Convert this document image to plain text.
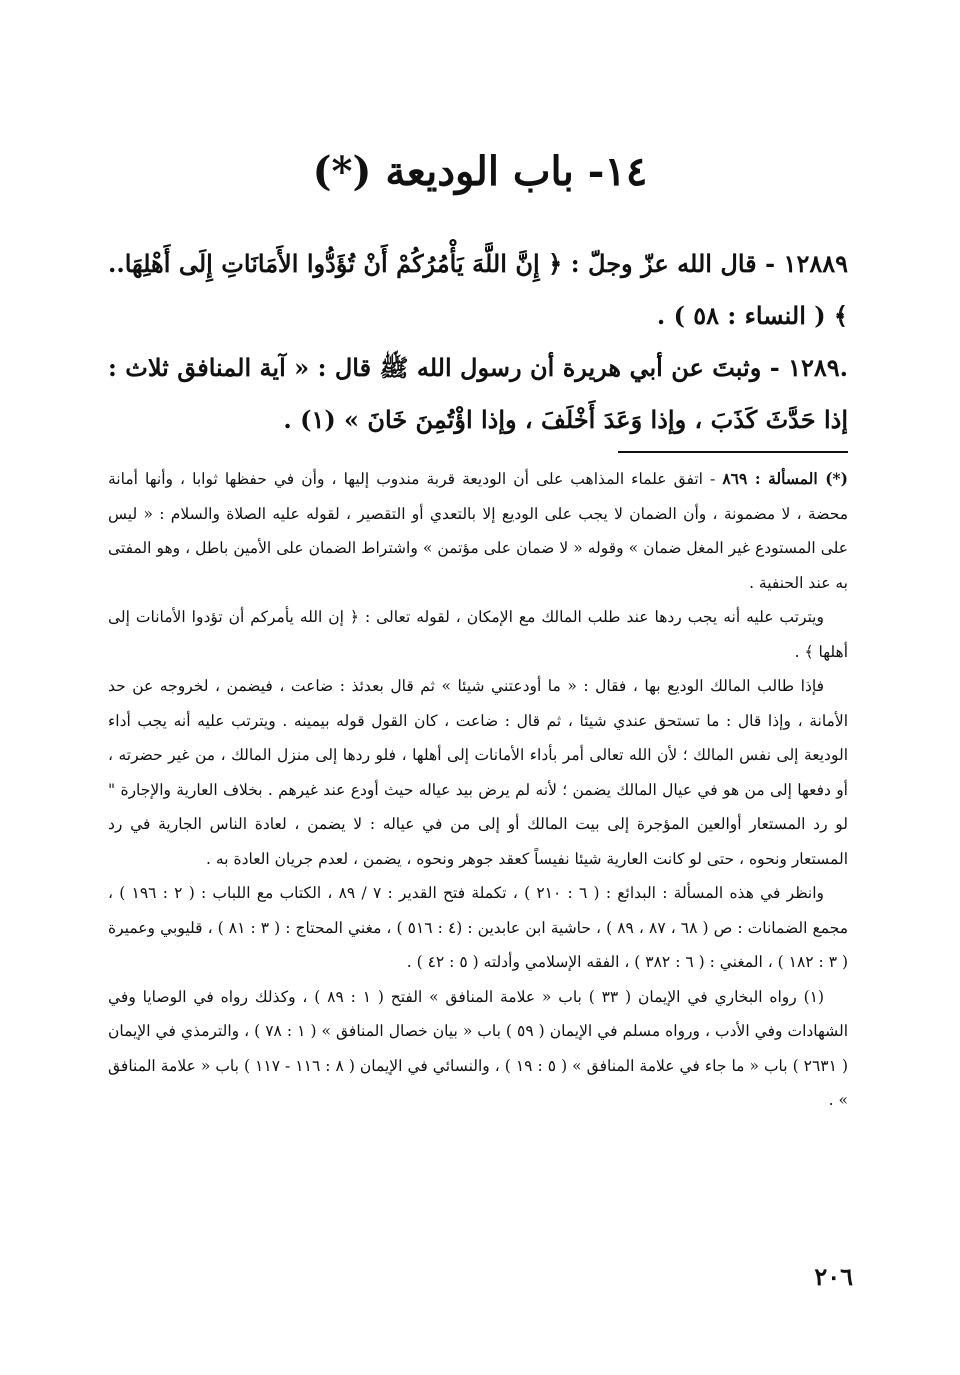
١٤- باب الوديعة (*)
١٢٨٨٩ - قال الله عزّ وجلّ : ﴿ إِنَّ اللَّهَ يَأْمُرُكُمْ أَنْ تُؤَدُّوا الأَمَانَاتِ إِلَى أَهْلِهَا.. ﴾ ( النساء : ٥٨ ) .
.١٢٨٩ - وثبتَ عن أبي هريرة أن رسول الله ﷺ قال : « آية المنافق ثلاث : إذا حَدَّثَ كَذَبَ ، وإذا وَعَدَ أَخْلَفَ ، وإذا اؤْتُمِنَ خَانَ » (١) .

(*) المسألة : ٨٦٩ - اتفق علماء المذاهب على أن الوديعة قربة مندوب إليها ، وأن في حفظها ثوابا ، وأنها أمانة محضة ، لا مضمونة ، وأن الضمان لا يجب على الوديع إلا بالتعدي أو التقصير ، لقوله عليه الصلاة والسلام : « ليس على المستودع غير المغل ضمان » وقوله « لا ضمان على مؤتمن » واشتراط الضمان على الأمين باطل ، وهو المفتى به عند الحنفية .

ويترتب عليه أنه يجب ردها عند طلب المالك مع الإمكان ، لقوله تعالى : ﴿ إن الله يأمركم أن تؤدوا الأمانات إلى أهلها ﴾ .

فإذا طالب المالك الوديع بها ، فقال : « ما أودعتني شيئا » ثم قال بعدئذ : ضاعت ، فيضمن ، لخروجه عن حد الأمانة ، وإذا قال : ما تستحق عندي شيئا ، ثم قال : ضاعت ، كان القول قوله بيمينه . ويترتب عليه أنه يجب أداء الوديعة إلى نفس المالك ؛ لأن الله تعالى أمر بأداء الأمانات إلى أهلها ، فلو ردها إلى منزل المالك ، من غير حضرته ، أو دفعها إلى من هو في عيال المالك يضمن ؛ لأنه لم يرض بيد عياله حيث أودع عند غيرهم . بخلاف العارية والإجارة " لو رد المستعار أوالعين المؤجرة إلى بيت المالك أو إلى من في عياله : لا يضمن ، لعادة الناس الجارية في رد المستعار ونحوه ، حتى لو كانت العارية شيئا نفيساً كعقد جوهر ونحوه ، يضمن ، لعدم جريان العادة به .

وانظر في هذه المسألة : البدائع : ( ٦ : ٢١٠ ) ، تكملة فتح القدير : ٧ / ٨٩ ، الكتاب مع اللباب : ( ٢ : ١٩٦ ) ، مجمع الضمانات : ص ( ٦٨ ، ٨٧ ، ٨٩ ) ، حاشية ابن عابدين : (٤ : ٥١٦ ) ، مغني المحتاج : ( ٣ : ٨١ ) ، قليوبي وعميرة ( ٣ : ١٨٢ ) ، المغني : ( ٦ : ٣٨٢ ) ، الفقه الإسلامي وأدلته ( ٥ : ٤٢ ) .

(١) رواه البخاري في الإيمان ( ٣٣ ) باب « علامة المنافق » الفتح ( ١ : ٨٩ ) ، وكذلك رواه في الوصايا وفي الشهادات وفي الأدب ، ورواه مسلم في الإيمان ( ٥٩ ) باب « بيان خصال المنافق » ( ١ : ٧٨ ) ، والترمذي في الإيمان ( ٢٦٣١ ) باب « ما جاء في علامة المنافق » ( ٥ : ١٩ ) ، والنسائي في الإيمان ( ٨ : ١١٦ - ١١٧ ) باب « علامة المنافق » .

٢٠٦
